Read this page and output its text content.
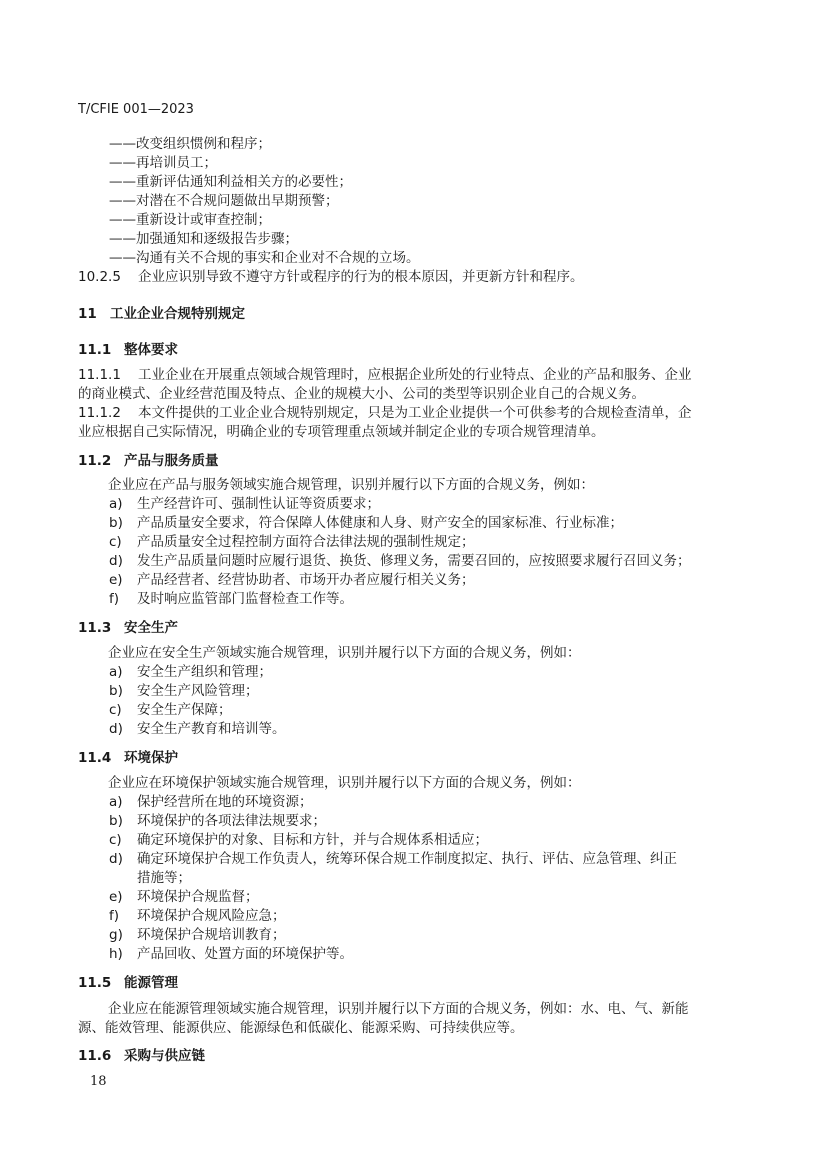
T/CFIE 001—2023
——改变组织惯例和程序；
——再培训员工；
——重新评估通知利益相关方的必要性；
——对潜在不合规问题做出早期预警；
——重新设计或审查控制；
——加强通知和逐级报告步骤；
——沟通有关不合规的事实和企业对不合规的立场。
10.2.5 企业应识别导致不遵守方针或程序的行为的根本原因，并更新方针和程序。
11 工业企业合规特别规定
11.1 整体要求
11.1.1 工业企业在开展重点领域合规管理时，应根据企业所处的行业特点、企业的产品和服务、企业
的商业模式、企业经营范围及特点、企业的规模大小、公司的类型等识别企业自己的合规义务。
11.1.2 本文件提供的工业企业合规特别规定，只是为工业企业提供一个可供参考的合规检查清单，企
业应根据自己实际情况，明确企业的专项管理重点领域并制定企业的专项合规管理清单。
11.2 产品与服务质量
企业应在产品与服务领域实施合规管理，识别并履行以下方面的合规义务，例如：
a) 生产经营许可、强制性认证等资质要求；
b) 产品质量安全要求，符合保障人体健康和人身、财产安全的国家标准、行业标准；
c) 产品质量安全过程控制方面符合法律法规的强制性规定；
d) 发生产品质量问题时应履行退货、换货、修理义务，需要召回的，应按照要求履行召回义务；
e) 产品经营者、经营协助者、市场开办者应履行相关义务；
f) 及时响应监管部门监督检查工作等。
11.3 安全生产
企业应在安全生产领域实施合规管理，识别并履行以下方面的合规义务，例如：
a) 安全生产组织和管理；
b) 安全生产风险管理；
c) 安全生产保障；
d) 安全生产教育和培训等。
11.4 环境保护
企业应在环境保护领域实施合规管理，识别并履行以下方面的合规义务，例如：
a) 保护经营所在地的环境资源；
b) 环境保护的各项法律法规要求；
c) 确定环境保护的对象、目标和方针，并与合规体系相适应；
d) 确定环境保护合规工作负责人，统筹环保合规工作制度拟定、执行、评估、应急管理、纠正
措施等；
e) 环境保护合规监督；
f) 环境保护合规风险应急；
g) 环境保护合规培训教育；
h) 产品回收、处置方面的环境保护等。
11.5 能源管理
企业应在能源管理领域实施合规管理，识别并履行以下方面的合规义务，例如：水、电、气、新能
源、能效管理、能源供应、能源绿色和低碳化、能源采购、可持续供应等。
11.6 采购与供应链
18
